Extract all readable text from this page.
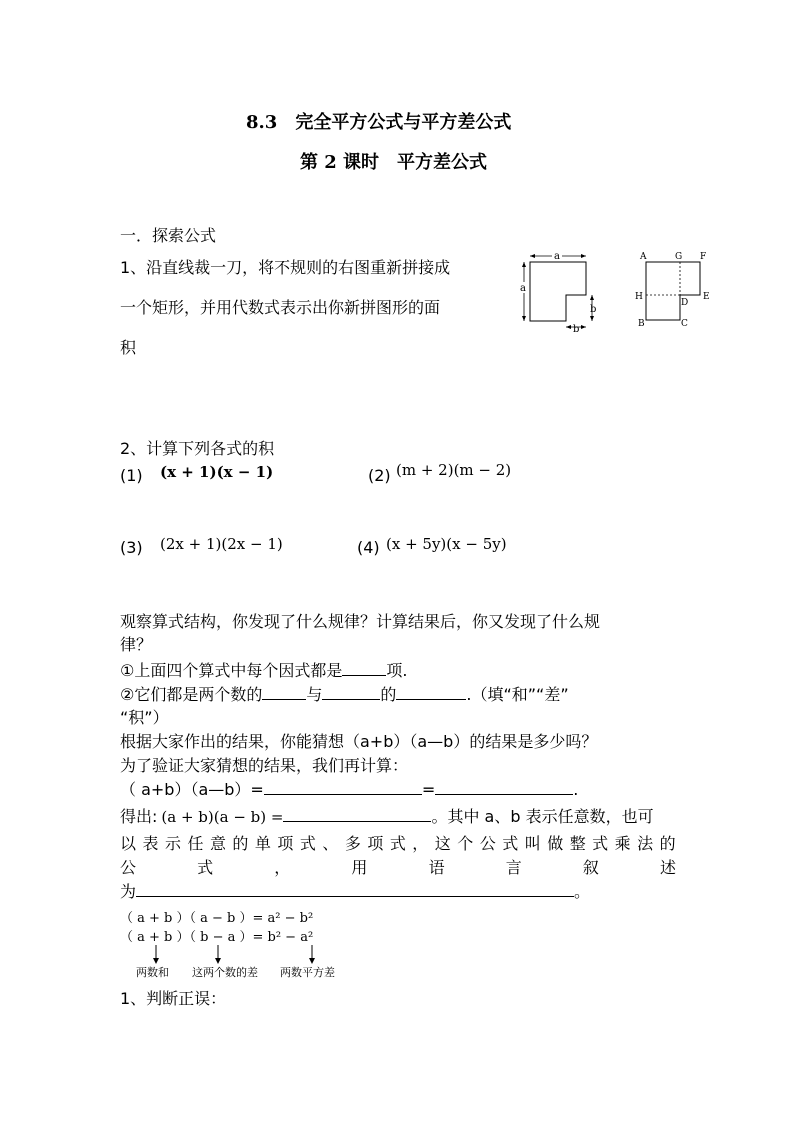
8.3　完全平方公式与平方差公式
第 2 课时　平方差公式
一．探索公式
1、沿直线裁一刀，将不规则的右图重新拼接成
一个矩形，并用代数式表示出你新拼图形的面
积
a
a
b
b
A	G F
H
D
E
B	C
2、计算下列各式的积
(1) (x + 1)(x − 1)	(2) (m + 2)(m − 2)
(3) (2x + 1)(2x − 1)	(4) (x + 5y)(x − 5y)
观察算式结构，你发现了什么规律？计算结果后，你又发现了什么规
律？
①上面四个算式中每个因式都是	项.
②它们都是两个数的	与	的	.（填“和”“差”
“积”）
根据大家作出的结果，你能猜想（a+b）（a—b）的结果是多少吗？
为了验证大家猜想的结果，我们再计算：
（ a+b）（a—b）=	=	.
得出: (a + b)(a − b) =	。其中 a、b 表示任意数，也可
以 表 示 任 意 的 单 项 式 、 多 项 式 ， 这 个 公 式 叫 做 整 式 乘 法 的
公	式	，	用	语	言	叙	述
为	。
（ a + b ）（ a − b ）= a² − b²
（ a + b ）（ b − a ）= b² − a²
两数和 这两个数的差 两数平方差
1、判断正误：
